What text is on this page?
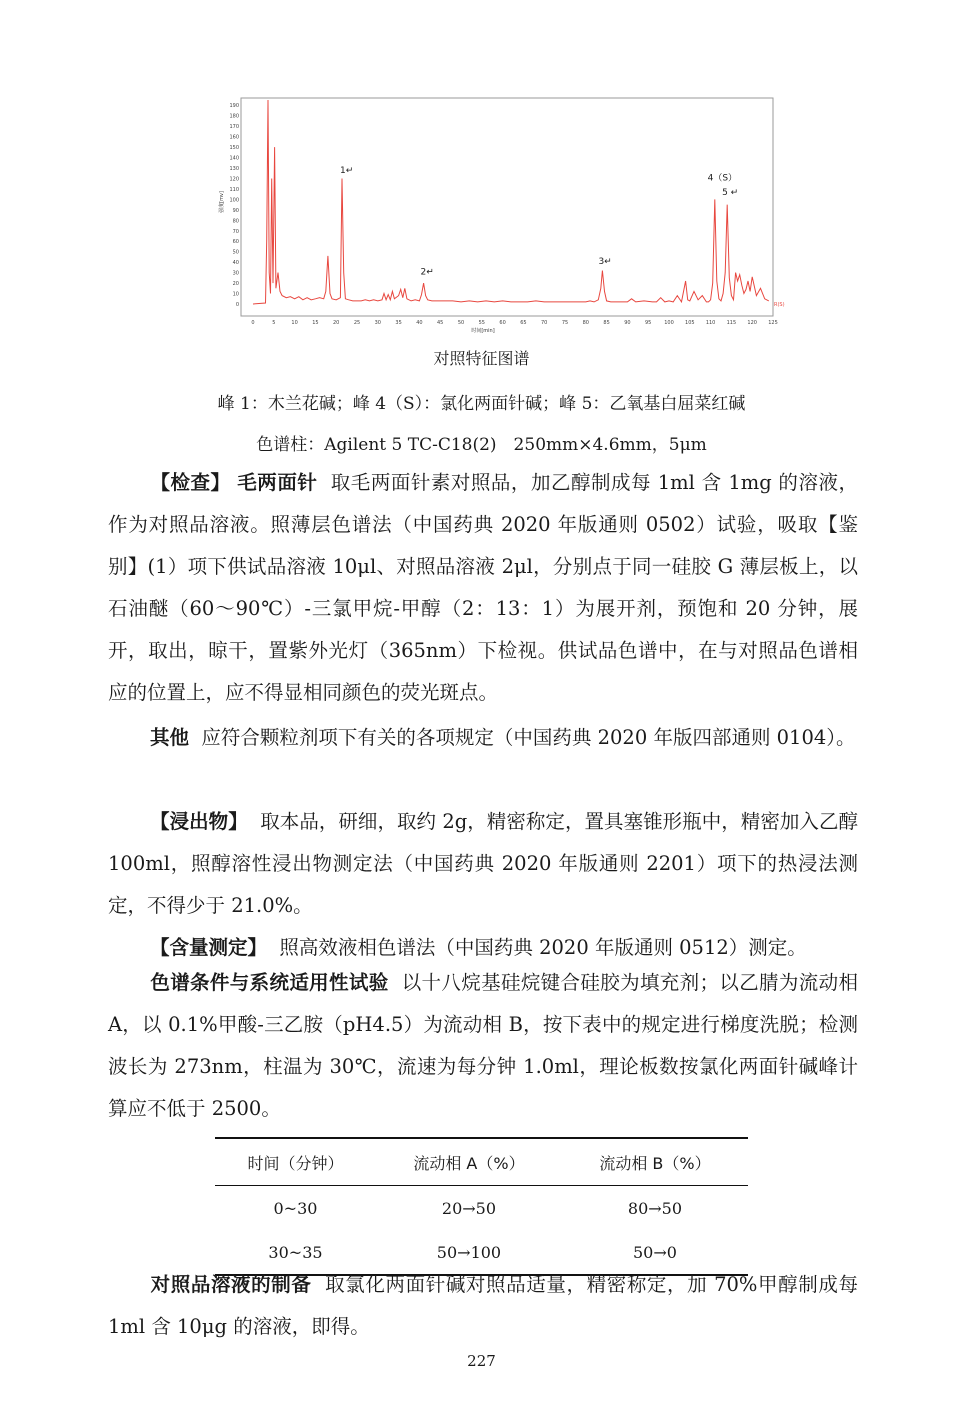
0
10
20
30
40
50
60
70
80
90
100
110
120
130
140
150
160
170
180
190
0	5	10	15	20	25	30	35	40	45	50	55	60	65	70	75	80	85	90	95	100 105 110 115 120 125
强度[mv]
时间[min]
R(S)
1↵
2↵
3↵
4（S）
5 ↵
对照特征图谱
峰 1：木兰花碱；峰 4（S）：氯化两面针碱；峰 5：乙氧基白屈菜红碱
色谱柱：Agilent 5 TC-C18(2)　250mm×4.6mm，5μm
【检查】 毛两面针 取毛两面针素对照品，加乙醇制成每 1ml 含 1mg 的溶液，作为对照品溶液。照薄层色谱法（中国药典 2020 年版通则 0502）试验，吸取【鉴别】(1）项下供试品溶液 10μl、对照品溶液 2μl，分别点于同一硅胶 G 薄层板上，以石油醚（60～90℃）-三氯甲烷-甲醇（2：13：1）为展开剂，预饱和 20 分钟，展开，取出，晾干，置紫外光灯（365nm）下检视。供试品色谱中，在与对照品色谱相应的位置上，应不得显相同颜色的荧光斑点。
其他 应符合颗粒剂项下有关的各项规定（中国药典 2020 年版四部通则 0104）。
【浸出物】 取本品，研细，取约 2g，精密称定，置具塞锥形瓶中，精密加入乙醇 100ml，照醇溶性浸出物测定法（中国药典 2020 年版通则 2201）项下的热浸法测定，不得少于 21.0%。
【含量测定】 照高效液相色谱法（中国药典 2020 年版通则 0512）测定。
色谱条件与系统适用性试验 以十八烷基硅烷键合硅胶为填充剂；以乙腈为流动相 A，以 0.1%甲酸-三乙胺（pH4.5）为流动相 B，按下表中的规定进行梯度洗脱；检测波长为 273nm，柱温为 30℃，流速为每分钟 1.0ml，理论板数按氯化两面针碱峰计算应不低于 2500。
时间（分钟）	流动相 A（%）	流动相 B（%）
0~30	20→50	80→50
30~35	50→100	50→0
对照品溶液的制备 取氯化两面针碱对照品适量，精密称定，加 70%甲醇制成每 1ml 含 10μg 的溶液，即得。
227
